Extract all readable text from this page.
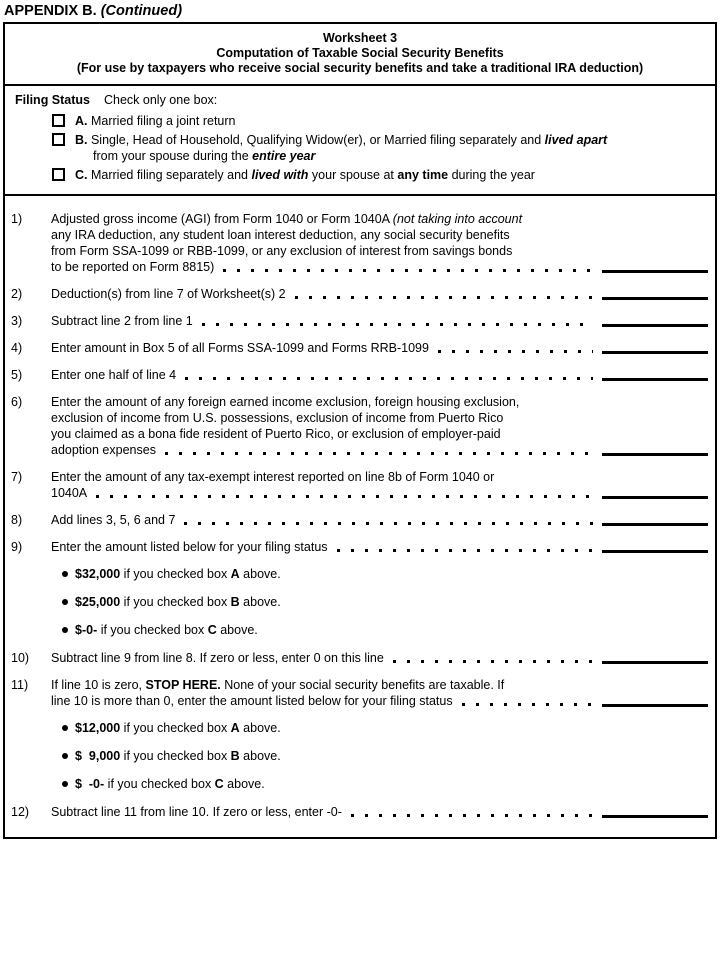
APPENDIX B. (Continued)
Worksheet 3
Computation of Taxable Social Security Benefits
(For use by taxpayers who receive social security benefits and take a traditional IRA deduction)
Filing Status Check only one box:
A. Married filing a joint return
B. Single, Head of Household, Qualifying Widow(er), or Married filing separately and lived apart
from your spouse during the entire year
C. Married filing separately and lived with your spouse at any time during the year
1)	Adjusted gross income (AGI) from Form 1040 or Form 1040A (not taking into account
any IRA deduction, any student loan interest deduction, any social security benefits
from Form SSA-1099 or RBB-1099, or any exclusion of interest from savings bonds
to be reported on Form 8815)
2)	Deduction(s) from line 7 of Worksheet(s) 2
3)	Subtract line 2 from line 1
4)	Enter amount in Box 5 of all Forms SSA-1099 and Forms RRB-1099
5)	Enter one half of line 4
6)	Enter the amount of any foreign earned income exclusion, foreign housing exclusion,
exclusion of income from U.S. possessions, exclusion of income from Puerto Rico
you claimed as a bona fide resident of Puerto Rico, or exclusion of employer-paid
adoption expenses
7)	Enter the amount of any tax-exempt interest reported on line 8b of Form 1040 or
1040A
8)	Add lines 3, 5, 6 and 7
9)	Enter the amount listed below for your filing status
$32,000 if you checked box A above.
$25,000 if you checked box B above.
$-0- if you checked box C above.
10)	Subtract line 9 from line 8. If zero or less, enter 0 on this line
11)	If line 10 is zero, STOP HERE. None of your social security benefits are taxable. If
line 10 is more than 0, enter the amount listed below for your filing status
$12,000 if you checked box A above.
$  9,000 if you checked box B above.
$  -0- if you checked box C above.
12)	Subtract line 11 from line 10. If zero or less, enter -0-
